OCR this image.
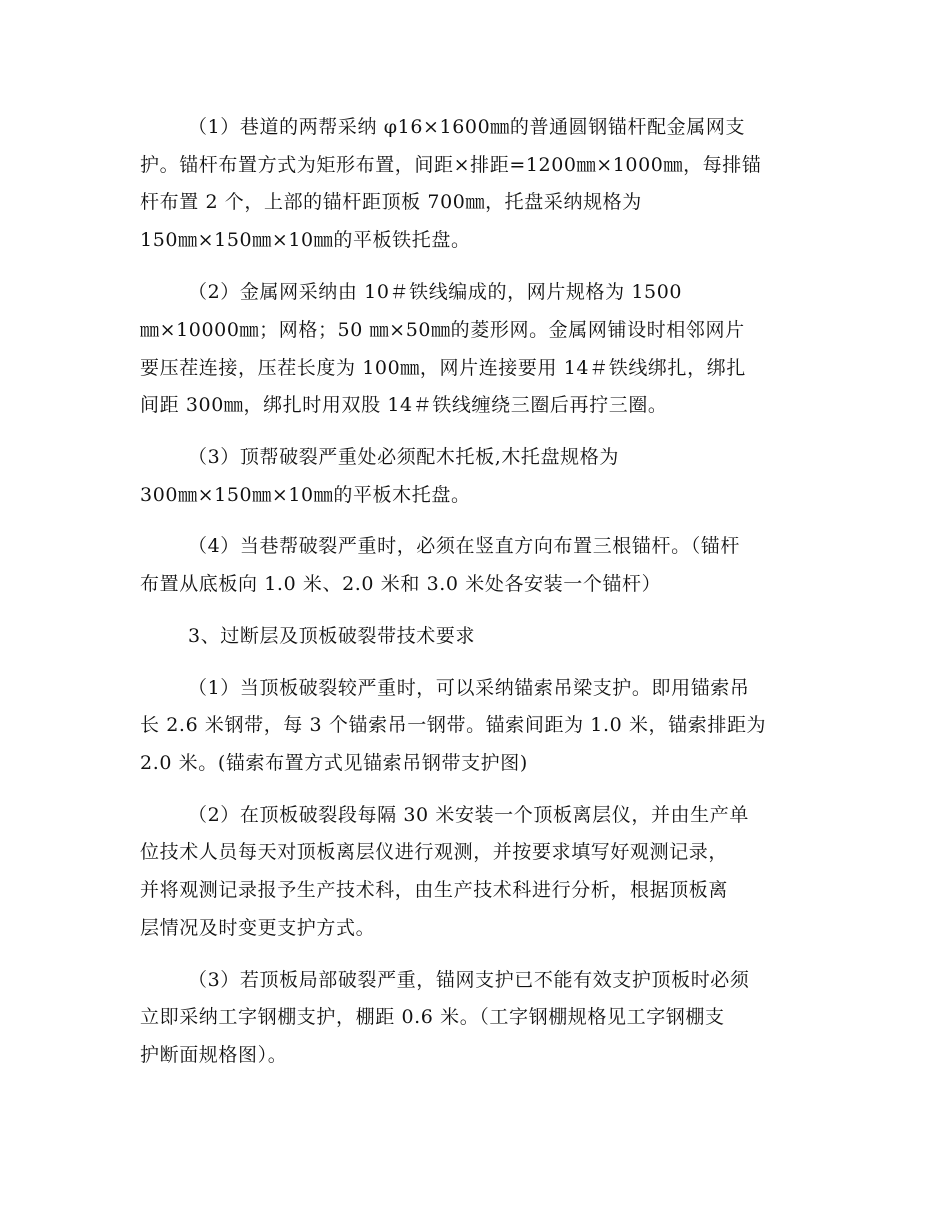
（1）巷道的两帮采纳 φ16×1600㎜的普通圆钢锚杆配金属网支
护。锚杆布置方式为矩形布置，间距×排距=1200㎜×1000㎜，每排锚
杆布置 2 个，上部的锚杆距顶板 700㎜，托盘采纳规格为
150㎜×150㎜×10㎜的平板铁托盘。
（2）金属网采纳由 10＃铁线编成的，网片规格为 1500
㎜×10000㎜；网格；50 ㎜×50㎜的菱形网。金属网铺设时相邻网片
要压茬连接，压茬长度为 100㎜，网片连接要用 14＃铁线绑扎，绑扎
间距 300㎜，绑扎时用双股 14＃铁线缠绕三圈后再拧三圈。
（3）顶帮破裂严重处必须配木托板,木托盘规格为
300㎜×150㎜×10㎜的平板木托盘。
（4）当巷帮破裂严重时，必须在竖直方向布置三根锚杆。（锚杆
布置从底板向 1.0 米、2.0 米和 3.0 米处各安装一个锚杆）
3、过断层及顶板破裂带技术要求
（1）当顶板破裂较严重时，可以采纳锚索吊梁支护。即用锚索吊
长 2.6 米钢带，每 3 个锚索吊一钢带。锚索间距为 1.0 米，锚索排距为
2.0 米。(锚索布置方式见锚索吊钢带支护图)
（2）在顶板破裂段每隔 30 米安装一个顶板离层仪，并由生产单
位技术人员每天对顶板离层仪进行观测，并按要求填写好观测记录，
并将观测记录报予生产技术科，由生产技术科进行分析，根据顶板离
层情况及时变更支护方式。
（3）若顶板局部破裂严重，锚网支护已不能有效支护顶板时必须
立即采纳工字钢棚支护，棚距 0.6 米。（工字钢棚规格见工字钢棚支
护断面规格图）。
